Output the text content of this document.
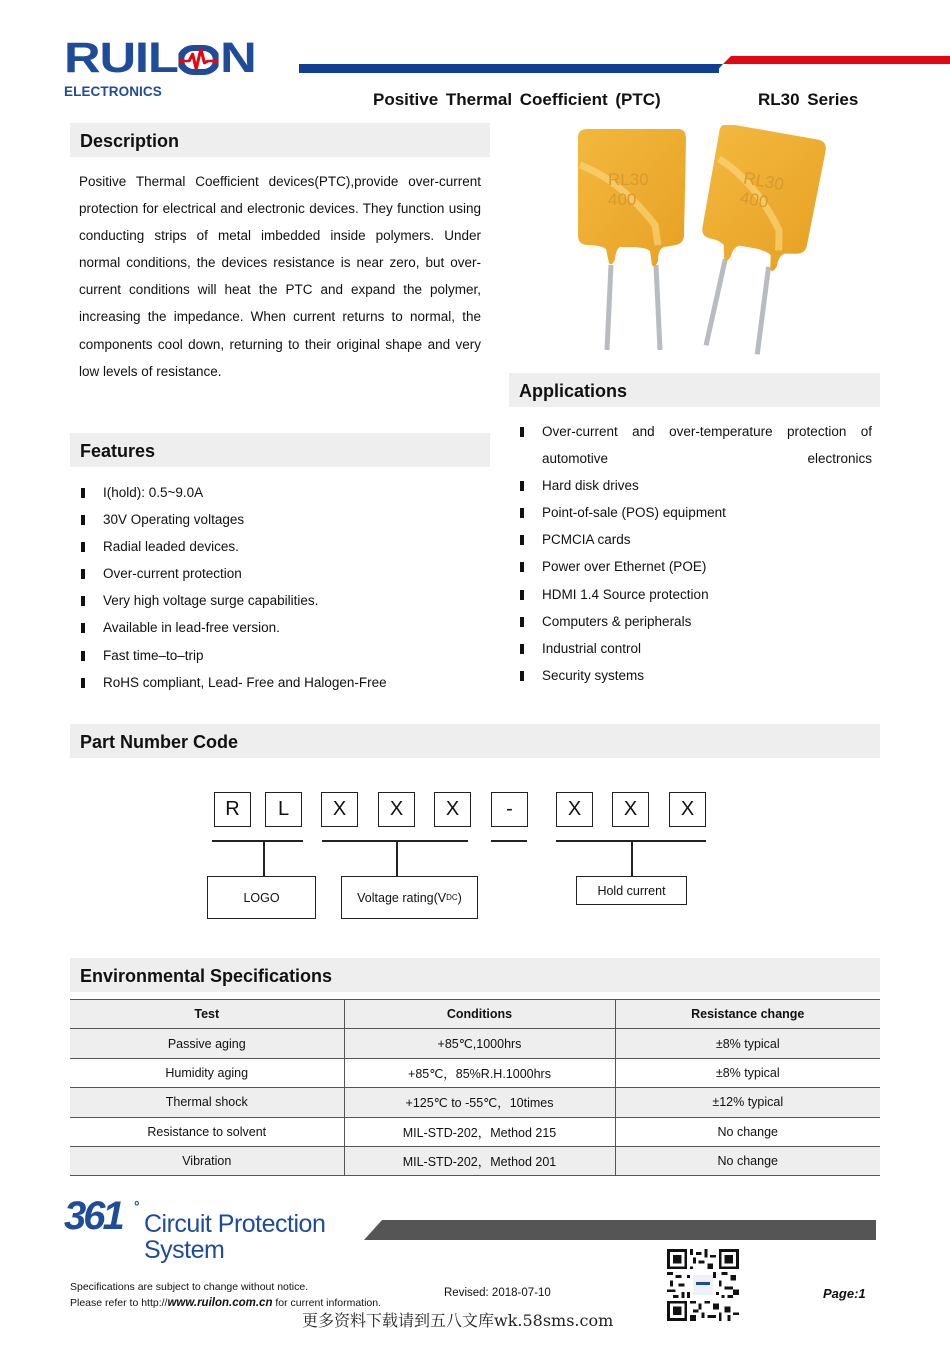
RUIL N
ELECTRONICS	Positive Thermal Coefficient (PTC)	RL30 Series
Description

Positive Thermal Coefficient devices(PTC),provide over-current protection for electrical and electronic devices. They function using conducting strips of metal imbedded inside polymers. Under normal conditions, the devices resistance is near zero, but over-current conditions will heat the PTC and expand the polymer, increasing the impedance. When current returns to normal, the components cool down, returning to their original shape and very low levels of resistance.

RL30
400
RL30
400
Applications
Over-current and over-temperature protection of automotive electronics
Hard disk drives
Point-of-sale (POS) equipment
PCMCIA cards
Power over Ethernet (POE)
HDMI 1.4 Source protection
Computers & peripherals
Industrial control
Security systems
Features
I(hold): 0.5~9.0A
30V Operating voltages
Radial leaded devices.
Over-current protection
Very high voltage surge capabilities.
Available in lead-free version.
Fast time–to–trip
RoHS compliant, Lead- Free and Halogen-Free
Part Number Code
R	L	X	X	X	-	X	X	X
LOGO	Voltage rating(V DC )	Hold current
Environmental Specifications
Test	Conditions	Resistance change
Passive aging	+85℃,1000hrs	±8% typical
Humidity aging	+85℃，85%R.H.1000hrs	±8% typical
Thermal shock	+125℃ to -55℃，10times	±12% typical
Resistance to solvent	MIL-STD-202，Method 215	No change
Vibration	MIL-STD-202，Method 201	No change
361 °
Circuit Protection
System
Specifications are subject to change without notice.
Please refer to http://www.ruilon.com.cn for current information.
Revised: 2018-07-10	Page:1
更多资料下载请到五八文库wk.58sms.com
